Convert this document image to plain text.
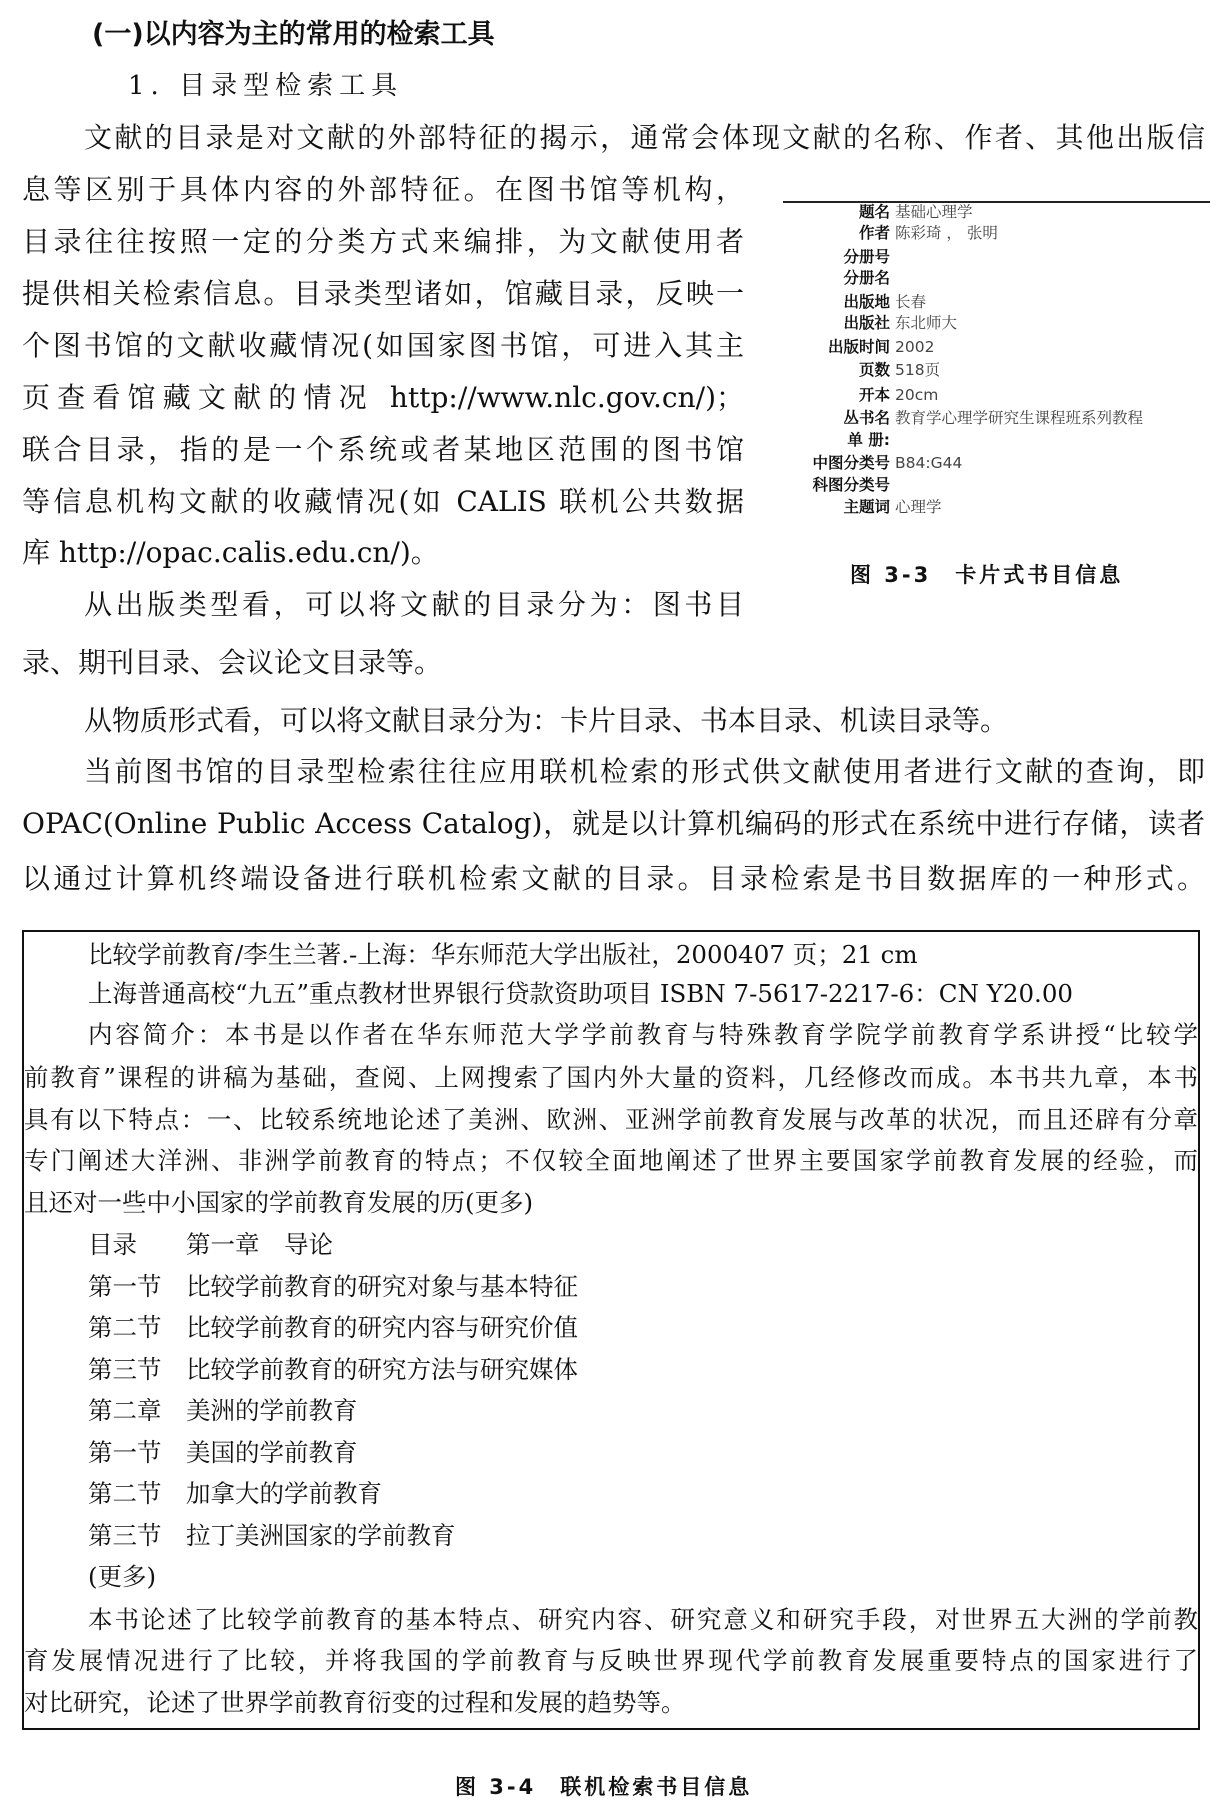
(一)以内容为主的常用的检索工具
1. 目录型检索工具
文献的目录是对文献的外部特征的揭示，通常会体现文献的名称、作者、其他出版信
息等区别于具体内容的外部特征。在图书馆等机构，
目录往往按照一定的分类方式来编排，为文献使用者
提供相关检索信息。目录类型诸如，馆藏目录，反映一
个图书馆的文献收藏情况(如国家图书馆，可进入其主
页查看馆藏文献的情况 http://www.nlc.gov.cn/)；
联合目录，指的是一个系统或者某地区范围的图书馆
等信息机构文献的收藏情况(如 CALIS 联机公共数据
库 http://opac.calis.edu.cn/)。
从出版类型看，可以将文献的目录分为：图书目
录、期刊目录、会议论文目录等。
从物质形式看，可以将文献目录分为：卡片目录、书本目录、机读目录等。
当前图书馆的目录型检索往往应用联机检索的形式供文献使用者进行文献的查询，即
OPAC(Online Public Access Catalog)，就是以计算机编码的形式在系统中进行存储，读者
以通过计算机终端设备进行联机检索文献的目录。目录检索是书目数据库的一种形式。
题名 基础心理学
作者 陈彩琦 ， 张明
分册号
分册名
出版地 长春
出版社 东北师大
出版时间 2002
页数 518页
开本 20cm
丛书名 教育学心理学研究生课程班系列教程
单 册:
中图分类号 B84:G44
科图分类号
主题词 心理学
图 3-3　卡片式书目信息
比较学前教育/李生兰著.-上海：华东师范大学出版社，2000407 页；21 cm
上海普通高校“九五”重点教材世界银行贷款资助项目 ISBN 7-5617-2217-6：CN Y20.00
内容简介：本书是以作者在华东师范大学学前教育与特殊教育学院学前教育学系讲授“比较学
前教育”课程的讲稿为基础，查阅、上网搜索了国内外大量的资料，几经修改而成。本书共九章，本书
具有以下特点：一、比较系统地论述了美洲、欧洲、亚洲学前教育发展与改革的状况，而且还辟有分章
专门阐述大洋洲、非洲学前教育的特点；不仅较全面地阐述了世界主要国家学前教育发展的经验，而
且还对一些中小国家的学前教育发展的历(更多)
目录　　第一章　导论
第一节　比较学前教育的研究对象与基本特征
第二节　比较学前教育的研究内容与研究价值
第三节　比较学前教育的研究方法与研究媒体
第二章　美洲的学前教育
第一节　美国的学前教育
第二节　加拿大的学前教育
第三节　拉丁美洲国家的学前教育
(更多)
本书论述了比较学前教育的基本特点、研究内容、研究意义和研究手段，对世界五大洲的学前教
育发展情况进行了比较，并将我国的学前教育与反映世界现代学前教育发展重要特点的国家进行了
对比研究，论述了世界学前教育衍变的过程和发展的趋势等。
图 3-4　联机检索书目信息
